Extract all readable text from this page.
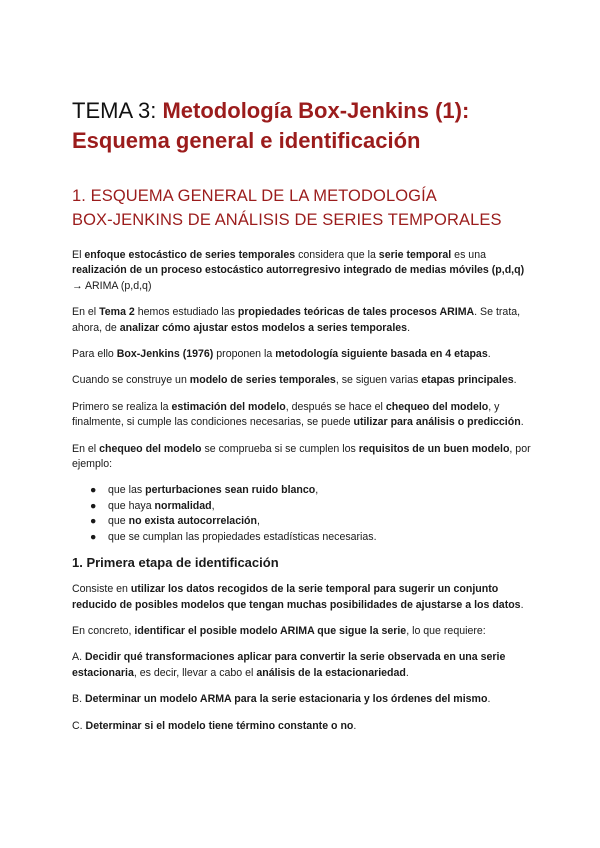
TEMA 3: Metodología Box-Jenkins (1):
Esquema general e identificación
1. ESQUEMA GENERAL DE LA METODOLOGÍA
BOX-JENKINS DE ANÁLISIS DE SERIES TEMPORALES

El enfoque estocástico de series temporales considera que la serie temporal es una realización de un proceso estocástico autorregresivo integrado de medias móviles (p,d,q) → ARIMA (p,d,q)

En el Tema 2 hemos estudiado las propiedades teóricas de tales procesos ARIMA. Se trata, ahora, de analizar cómo ajustar estos modelos a series temporales.

Para ello Box-Jenkins (1976) proponen la metodología siguiente basada en 4 etapas.

Cuando se construye un modelo de series temporales, se siguen varias etapas principales.

Primero se realiza la estimación del modelo, después se hace el chequeo del modelo, y finalmente, si cumple las condiciones necesarias, se puede utilizar para análisis o predicción.

En el chequeo del modelo se comprueba si se cumplen los requisitos de un buen modelo, por ejemplo:

● que las perturbaciones sean ruido blanco,
● que haya normalidad,
● que no exista autocorrelación,
● que se cumplan las propiedades estadísticas necesarias.
1. Primera etapa de identificación

Consiste en utilizar los datos recogidos de la serie temporal para sugerir un conjunto reducido de posibles modelos que tengan muchas posibilidades de ajustarse a los datos.

En concreto, identificar el posible modelo ARIMA que sigue la serie, lo que requiere:

A. Decidir qué transformaciones aplicar para convertir la serie observada en una serie estacionaria, es decir, llevar a cabo el análisis de la estacionariedad.

B. Determinar un modelo ARMA para la serie estacionaria y los órdenes del mismo.

C. Determinar si el modelo tiene término constante o no.
